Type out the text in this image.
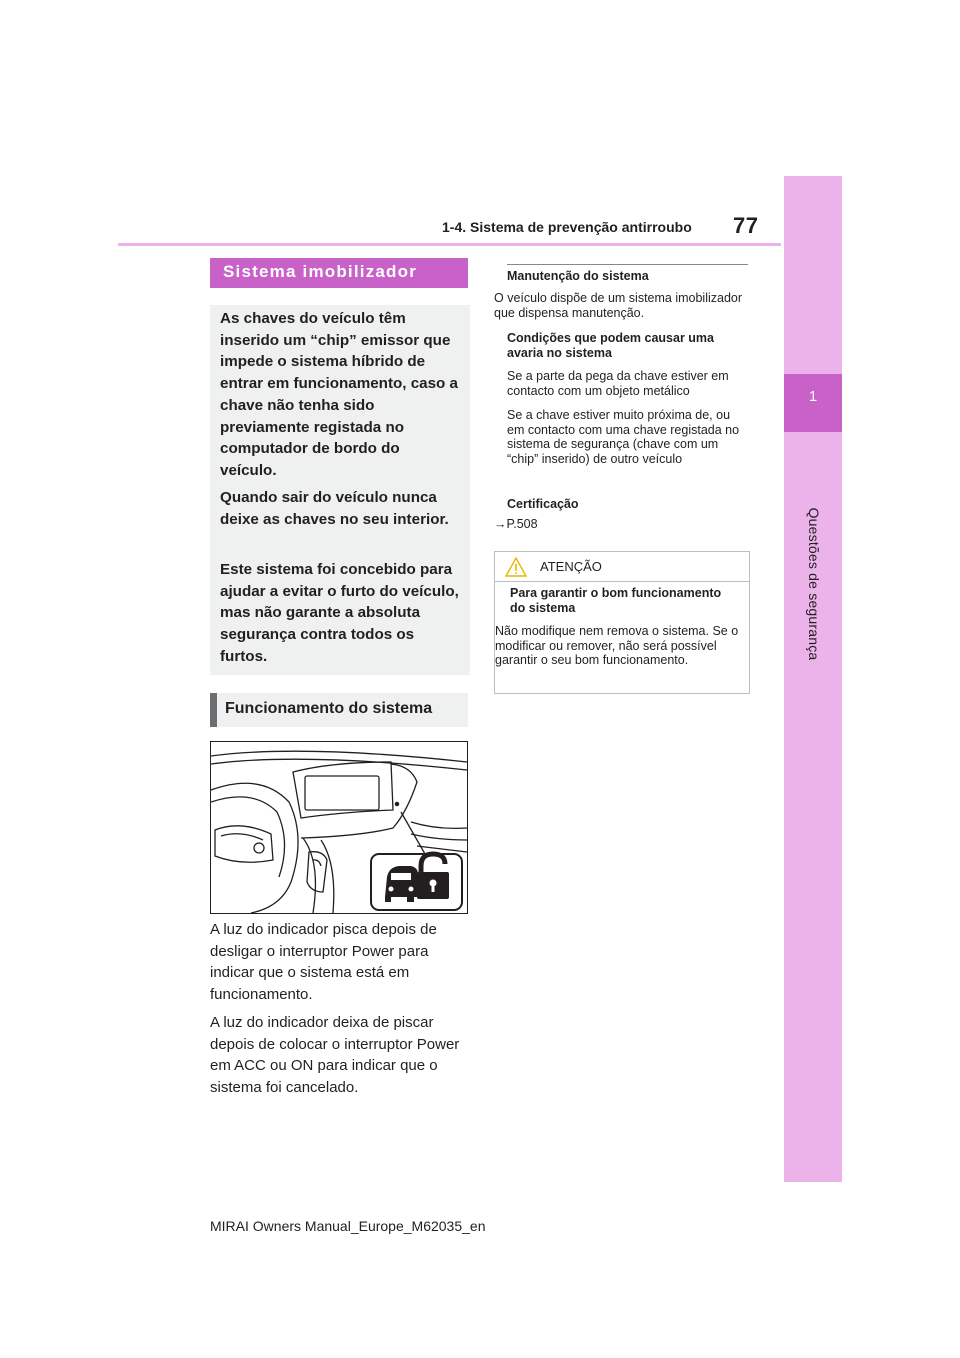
1
Questões de segurança
1-4. Sistema de prevenção antirroubo 77
Sistema imobilizador

As chaves do veículo têm inserido um “chip” emissor que impede o sistema híbrido de entrar em funcionamento, caso a chave não tenha sido previamente registada no computador de bordo do veículo.

Quando sair do veículo nunca deixe as chaves no seu interior.

Este sistema foi concebido para ajudar a evitar o furto do veículo, mas não garante a absoluta segurança contra todos os furtos.

Funcionamento do sistema

A luz do indicador pisca depois de desligar o interruptor Power para indicar que o sistema está em funcionamento.

A luz do indicador deixa de piscar depois de colocar o interruptor Power em ACC ou ON para indicar que o sistema foi cancelado.

Manutenção do sistema

O veículo dispõe de um sistema imobilizador que dispensa manutenção.

Condições que podem causar uma avaria no sistema

Se a parte da pega da chave estiver em contacto com um objeto metálico

Se a chave estiver muito próxima de, ou em contacto com uma chave registada no sistema de segurança (chave com um “chip” inserido) de outro veículo

Certificação

→P.508

ATENÇÃO

Para garantir o bom funcionamento do sistema

Não modifique nem remova o sistema. Se o modificar ou remover, não será possível garantir o seu bom funcionamento.

MIRAI Owners Manual_Europe_M62035_en
